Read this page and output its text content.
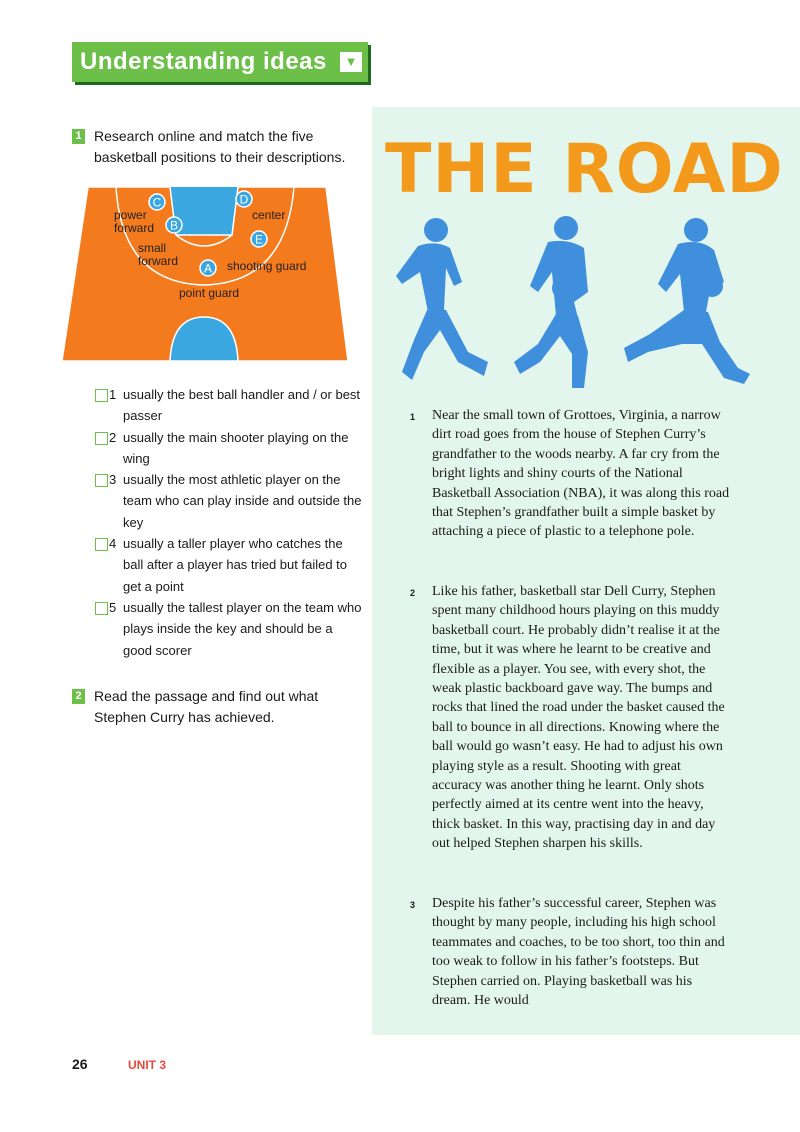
Understanding ideas	▼
THE ROAD
1 Research online and match the five basketball positions to their descriptions.
C
B
D
E
A
power forward
center
small forward	shooting guard
point guard
1 usually the best ball handler and / or best passer
2 usually the main shooter playing on the wing
3 usually the most athletic player on the team who can play inside and outside the key
4 usually a taller player who catches the ball after a player has tried but failed to get a point
5 usually the tallest player on the team who plays inside the key and should be a good scorer
2 Read the passage and find out what Stephen Curry has achieved.
1 Near the small town of Grottoes, Virginia, a narrow dirt road goes from the house of Stephen Curry’s grandfather to the woods nearby. A far cry from the bright lights and shiny courts of the National Basketball Association (NBA), it was along this road that Stephen’s grandfather built a simple basket by attaching a piece of plastic to a telephone pole.
2 Like his father, basketball star Dell Curry, Stephen spent many childhood hours playing on this muddy basketball court. He probably didn’t realise it at the time, but it was where he learnt to be creative and flexible as a player. You see, with every shot, the weak plastic backboard gave way. The bumps and rocks that lined the road under the basket caused the ball to bounce in all directions. Knowing where the ball would go wasn’t easy. He had to adjust his own playing style as a result. Shooting with great accuracy was another thing he learnt. Only shots perfectly aimed at its centre went into the heavy, thick basket. In this way, practising day in and day out helped Stephen sharpen his skills.
3 Despite his father’s successful career, Stephen was thought by many people, including his high school teammates and coaches, to be too short, too thin and too weak to follow in his father’s footsteps. But Stephen carried on. Playing basketball was his dream. He would
26	UNIT 3
